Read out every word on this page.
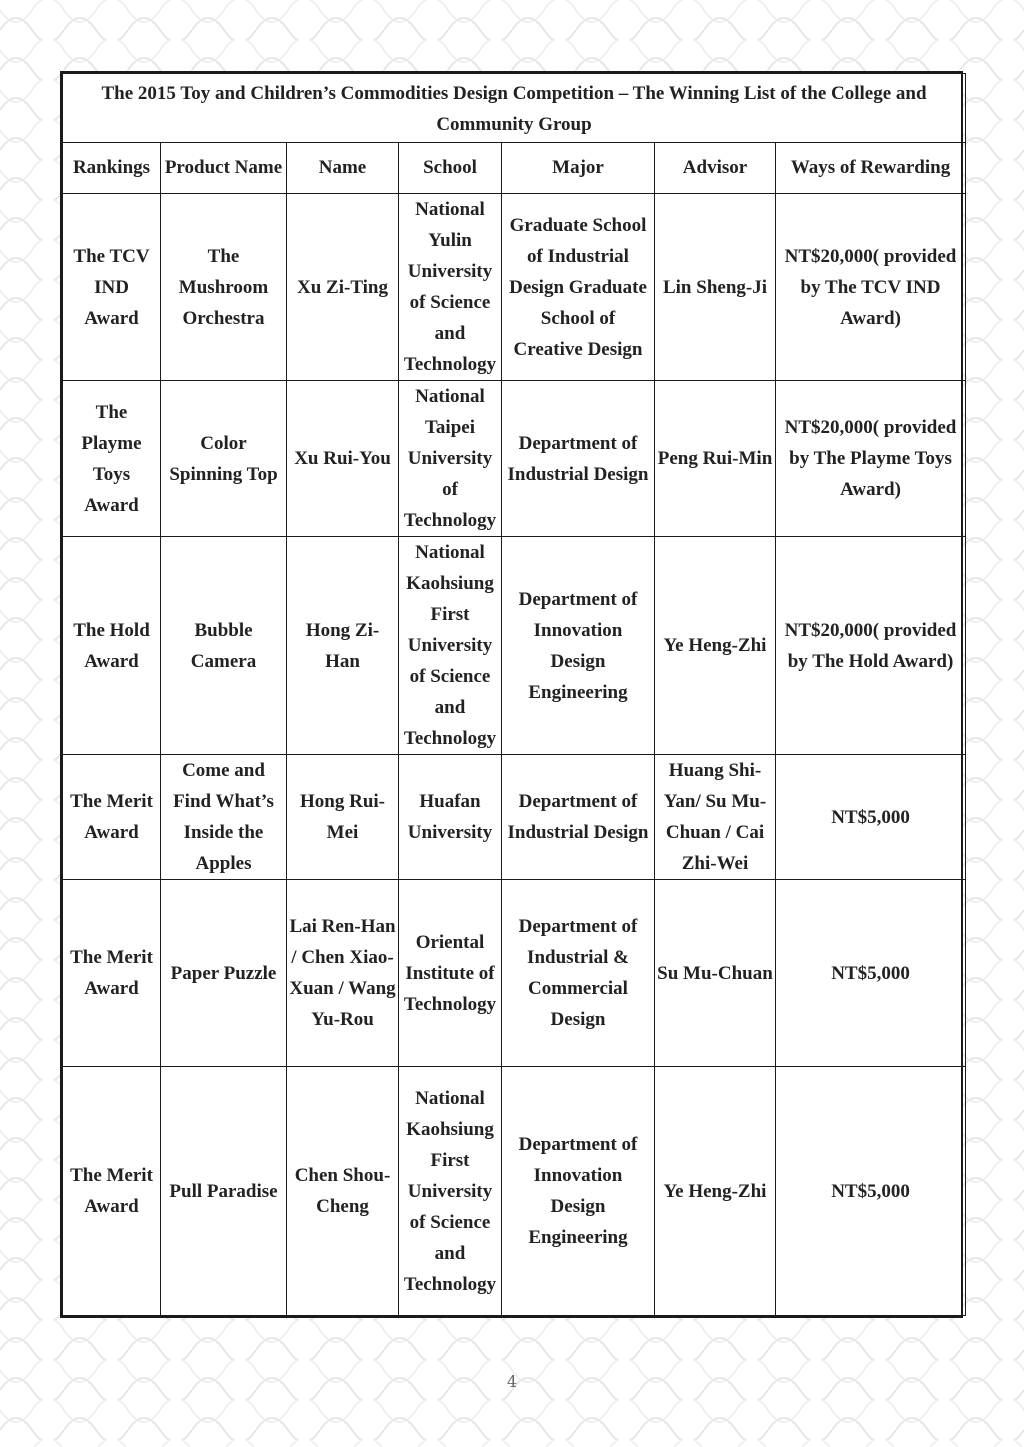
The 2015 Toy and Children’s Commodities Design Competition – The Winning List of the College and Community Group						
Rankings	Product Name	Name	School	Major	Advisor	Ways of Rewarding
The TCV IND Award	The Mushroom Orchestra	Xu Zi-Ting	National Yulin University of Science and Technology	Graduate School of Industrial Design Graduate School of Creative Design	Lin Sheng-Ji	NT$20,000( provided by The TCV IND Award)
The Playme Toys Award	Color Spinning Top	Xu Rui-You	National Taipei University of Technology	Department of Industrial Design	Peng Rui-Min	NT$20,000( provided by The Playme Toys Award)
The Hold Award	Bubble Camera	Hong Zi-Han	National Kaohsiung First University of Science and Technology	Department of Innovation Design Engineering	Ye Heng-Zhi	NT$20,000( provided by The Hold Award)
The Merit Award	Come and Find What’s Inside the Apples	Hong Rui-Mei	Huafan University	Department of Industrial Design	Huang Shi-Yan/ Su Mu-Chuan / Cai Zhi-Wei	NT$5,000
The Merit Award	Paper Puzzle	Lai Ren-Han / Chen Xiao-Xuan / Wang Yu-Rou	Oriental Institute of Technology	Department of Industrial & Commercial Design	Su Mu-Chuan	NT$5,000
The Merit Award	Pull Paradise	Chen Shou-Cheng	National Kaohsiung First University of Science and Technology	Department of Innovation Design Engineering	Ye Heng-Zhi	NT$5,000
4
